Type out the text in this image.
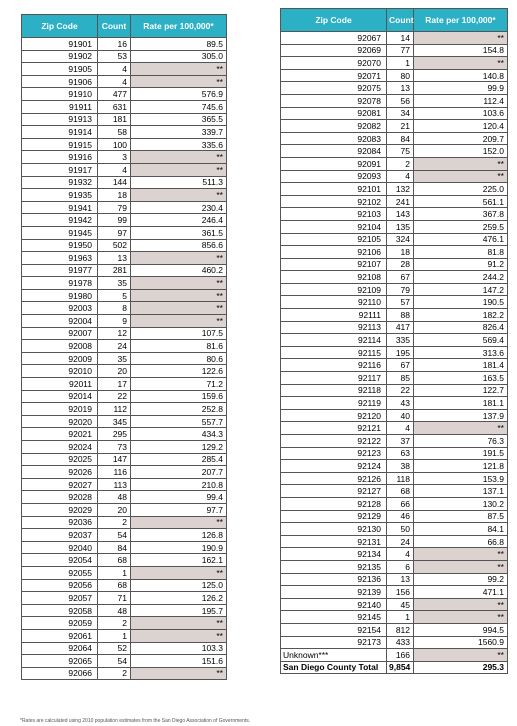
Zip Code	Count	Rate per 100,000*
91901	16	89.5
91902	53	305.0
91905	4	**
91906	4	**
91910	477	576.9
91911	631	745.6
91913	181	365.5
91914	58	339.7
91915	100	335.6
91916	3	**
91917	4	**
91932	144	511.3
91935	18	**
91941	79	230.4
91942	99	246.4
91945	97	361.5
91950	502	856.6
91963	13	**
91977	281	460.2
91978	35	**
91980	5	**
92003	8	**
92004	9	**
92007	12	107.5
92008	24	81.6
92009	35	80.6
92010	20	122.6
92011	17	71.2
92014	22	159.6
92019	112	252.8
92020	345	557.7
92021	295	434.3
92024	73	129.2
92025	147	285.4
92026	116	207.7
92027	113	210.8
92028	48	99.4
92029	20	97.7
92036	2	**
92037	54	126.8
92040	84	190.9
92054	68	162.1
92055	1	**
92056	68	125.0
92057	71	126.2
92058	48	195.7
92059	2	**
92061	1	**
92064	52	103.3
92065	54	151.6
92066	2	**
Zip Code	Count	Rate per 100,000*
92067	14	**
92069	77	154.8
92070	1	**
92071	80	140.8
92075	13	99.9
92078	56	112.4
92081	34	103.6
92082	21	120.4
92083	84	209.7
92084	75	152.0
92091	2	**
92093	4	**
92101	132	225.0
92102	241	561.1
92103	143	367.8
92104	135	259.5
92105	324	476.1
92106	18	81.8
92107	28	91.2
92108	67	244.2
92109	79	147.2
92110	57	190.5
92111	88	182.2
92113	417	826.4
92114	335	569.4
92115	195	313.6
92116	67	181.4
92117	85	163.5
92118	22	122.7
92119	43	181.1
92120	40	137.9
92121	4	**
92122	37	76.3
92123	63	191.5
92124	38	121.8
92126	118	153.9
92127	68	137.1
92128	66	130.2
92129	46	87.5
92130	50	84.1
92131	24	66.8
92134	4	**
92135	6	**
92136	13	99.2
92139	156	471.1
92140	45	**
92145	1	**
92154	812	994.5
92173	433	1560.9
Unknown***	166	**
San Diego County Total	9,854	295.3
*Rates are calculated using 2010 population estimates from the San Diego Association of Governments.
